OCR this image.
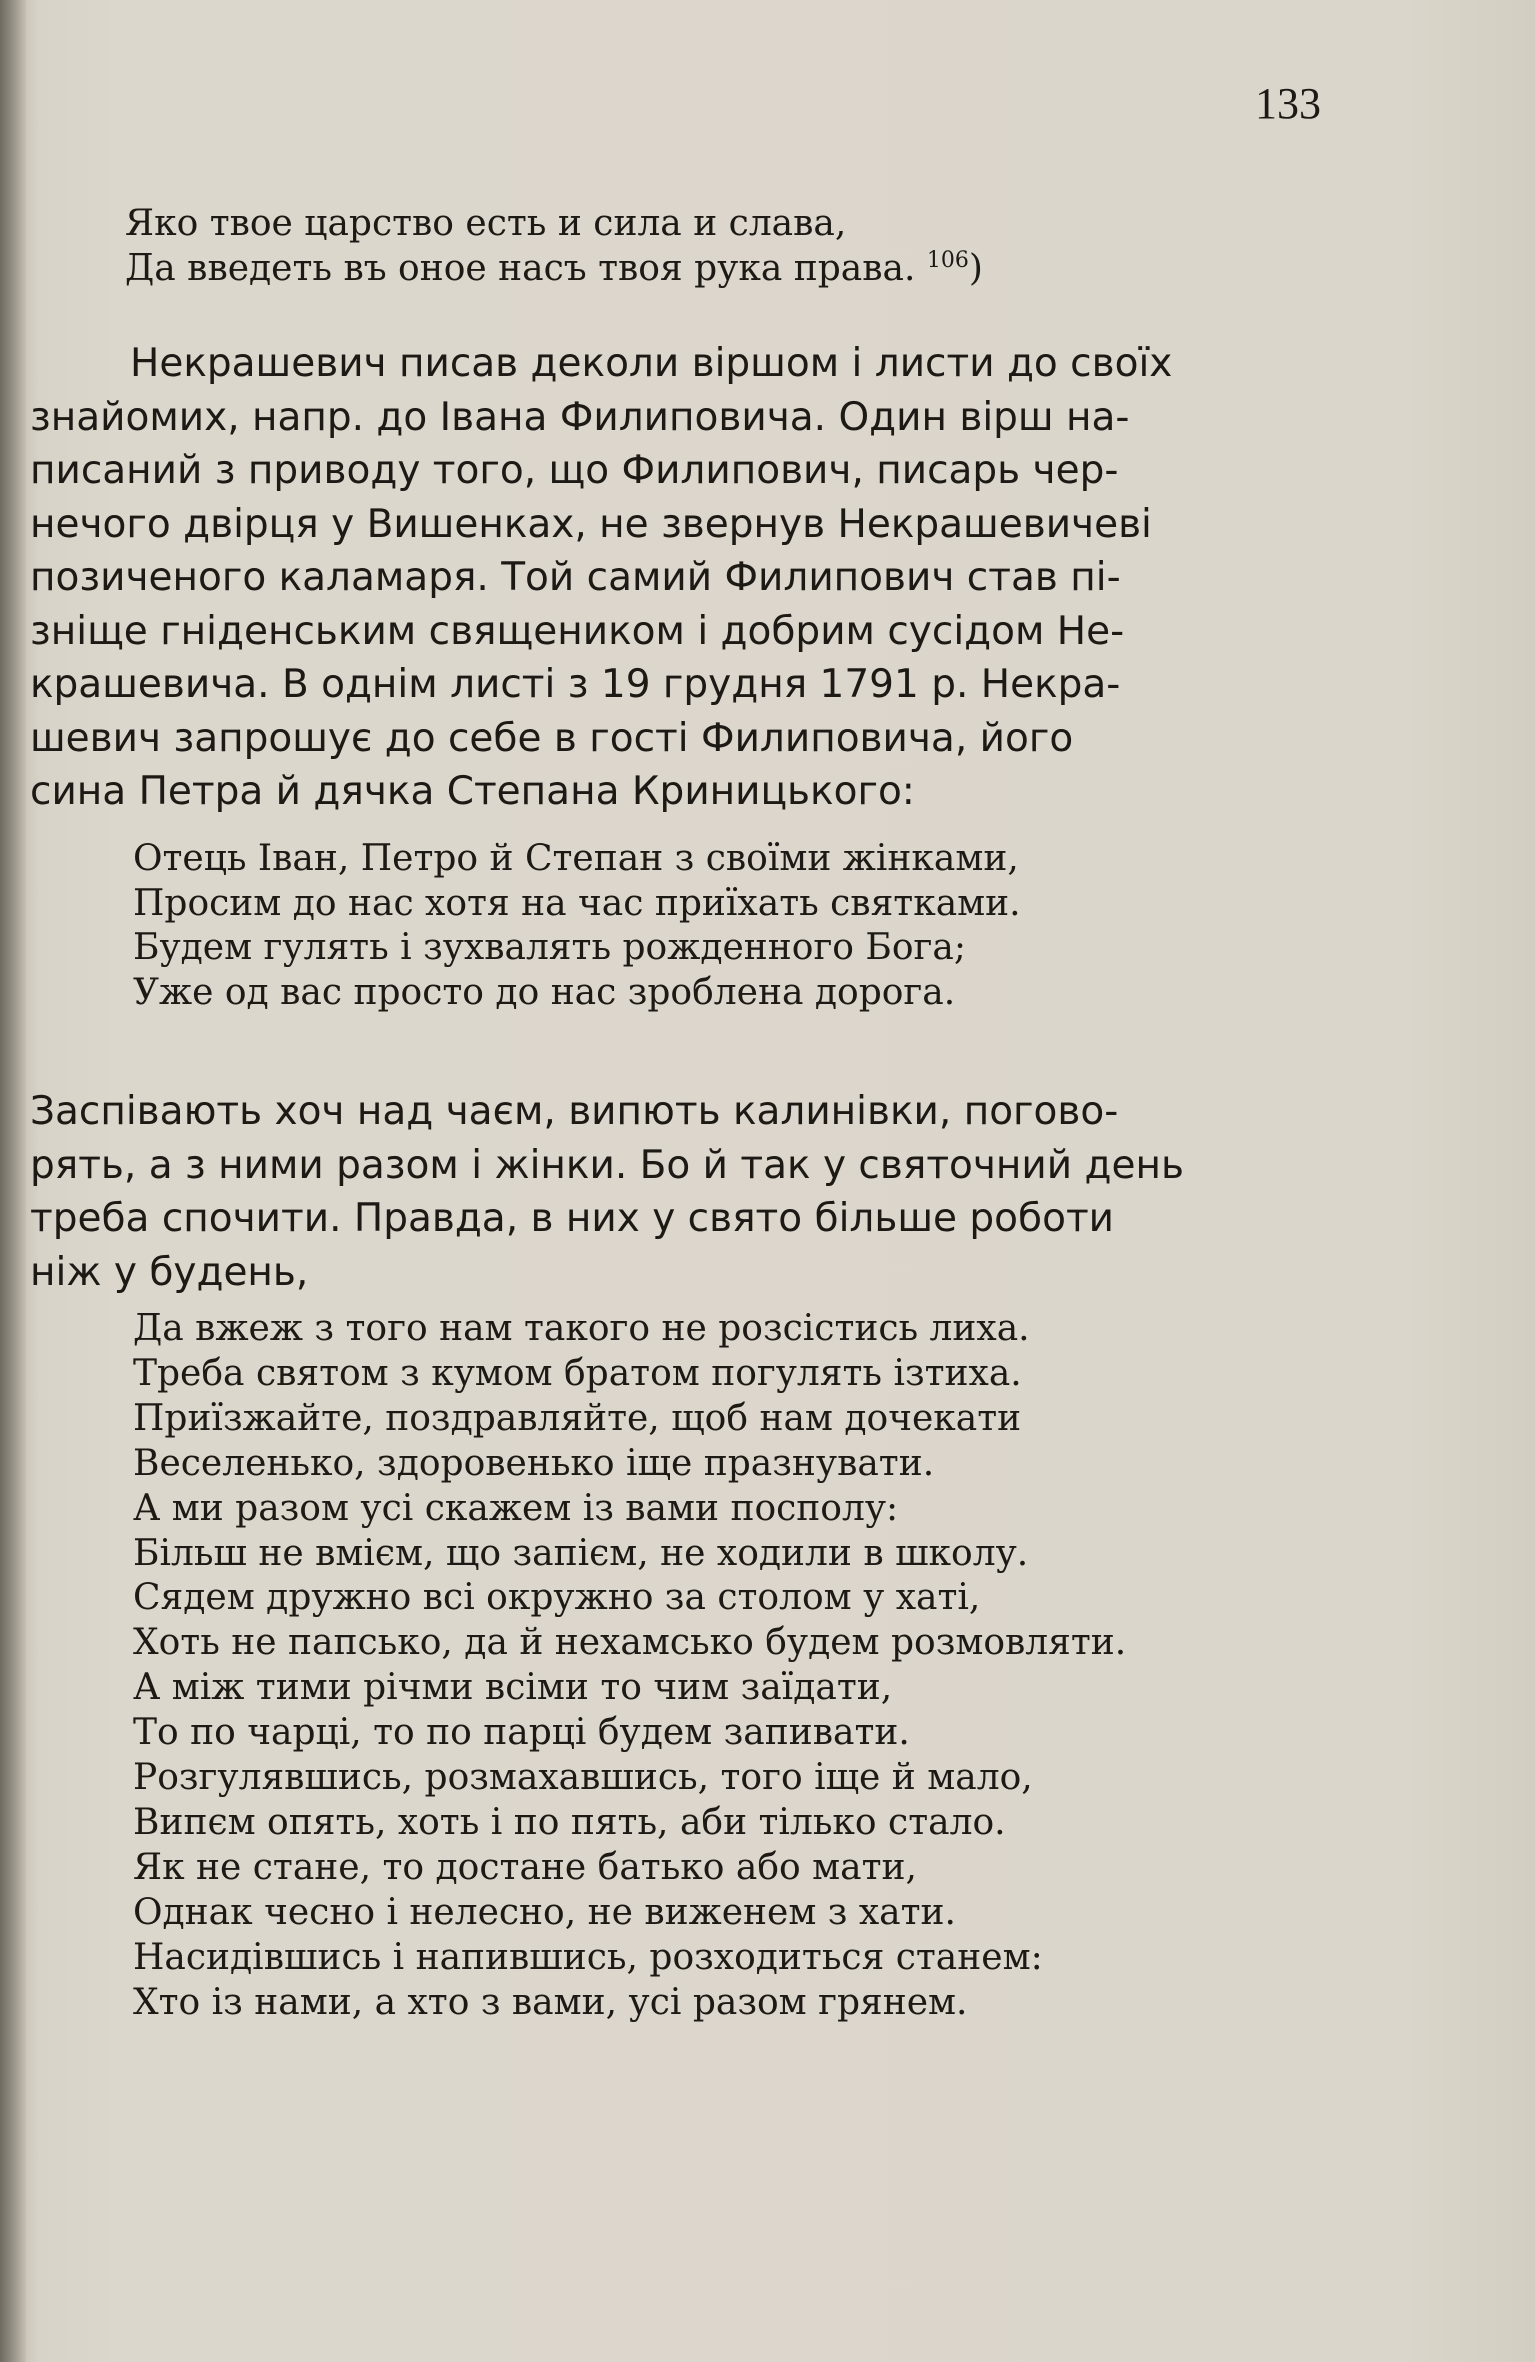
133
Яко твое царство есть и сила и слава,
Да введеть въ оное насъ твоя рука права. $^{106}$)
Некрашевич писав деколи віршом і листи до своїх
знайомих, напр. до Івана Филиповича. Один вірш на-
писаний з приводу того, що Филипович, писарь чер-
нечого двірця у Вишенках, не звернув Некрашевичеві
позиченого каламаря. Той самий Филипович став пі-
зніще гніденським священиком і добрим сусідом Не-
крашевича. В однім листі з 19 грудня 1791 р. Некра-
шевич запрошує до себе в гості Филиповича, його
сина Петра й дячка Степана Криницького:
Отець Іван, Петро й Степан з своїми жінками,
Просим до нас хотя на час приїхать святками.
Будем гулять і зухвалять рожденного Бога;
Уже од вас просто до нас зроблена дорога.
Заспівають хоч над чаєм, випють калинівки, погово-
рять, а з ними разом і жінки. Бо й так у святочний день
треба спочити. Правда, в них у свято більше роботи
ніж у будень,
Да вжеж з того нам такого не розсістись лиха.
Треба святом з кумом братом погулять ізтиха.
Приїзжайте, поздравляйте, щоб нам дочекати
Веселенько, здоровенько іще празнувати.
А ми разом усі скажем із вами посполу:
Більш не вмієм, що запієм, не ходили в школу.
Сядем дружно всі окружно за столом у хаті,
Хоть не папсько, да й нехамсько будем розмовляти.
А між тими річми всіми то чим заїдати,
То по чарці, то по парці будем запивати.
Розгулявшись, розмахавшись, того іще й мало,
Випєм опять, хоть і по пять, аби тілько стало.
Як не стане, то достане батько або мати,
Однак чесно і нелесно, не виженем з хати.
Насидівшись і напившись, розходиться станем:
Хто із нами, а хто з вами, усі разом грянем.
